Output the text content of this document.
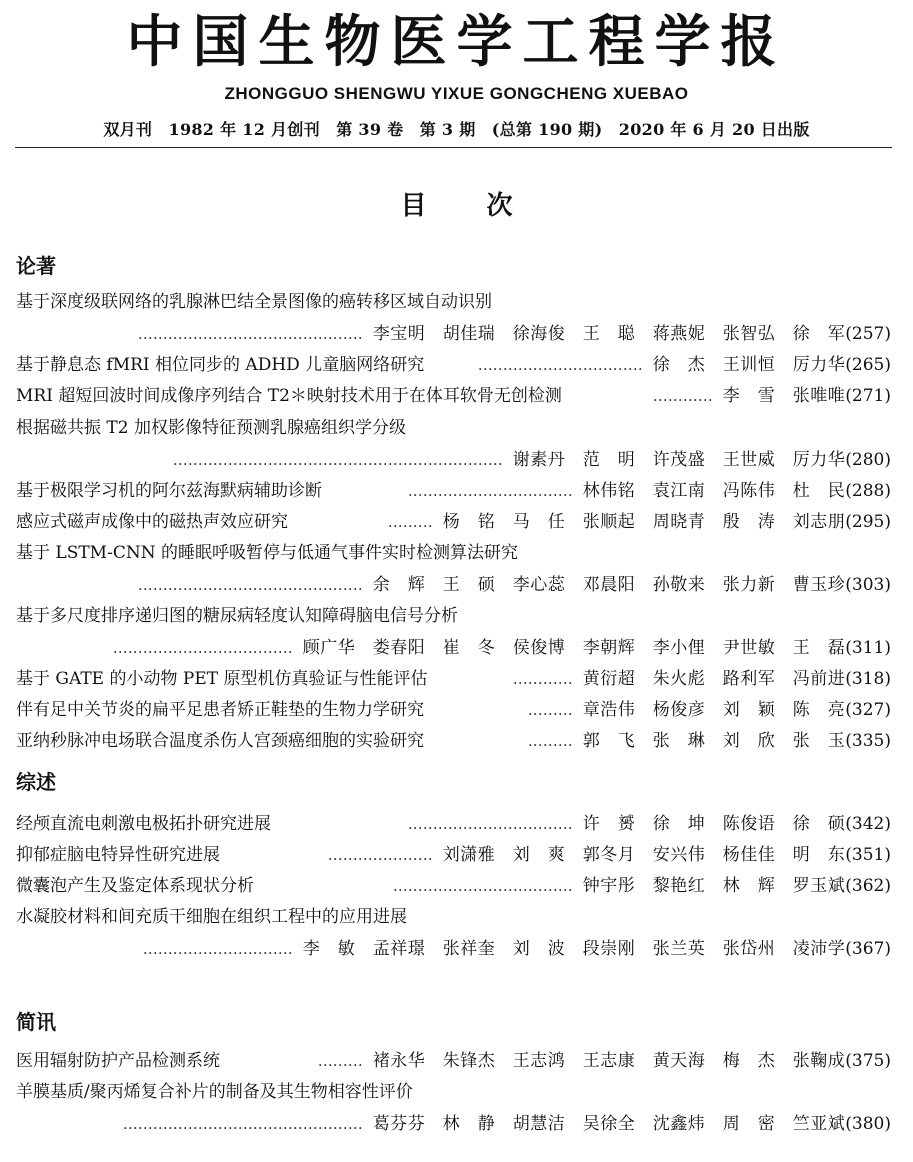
中国生物医学工程学报
ZHONGGUO SHENGWU YIXUE GONGCHENG XUEBAO
双月刊　1982 年 12 月创刊　第 39 卷　第 3 期　(总第 190 期)　2020 年 6 月 20 日出版
目次
论著
综述
简讯
基于深度级联网络的乳腺淋巴结全景图像的癌转移区域自动识别
……………………………………… 李宝明　胡佳瑞　徐海俊　王　聪　蒋燕妮　张智弘　徐　军 (257)
基于静息态 fMRI 相位同步的 ADHD 儿童脑网络研究	…………………………… 徐　杰　王训恒　厉力华 (265)
MRI 超短回波时间成像序列结合 T2＊映射技术用于在体耳软骨无创检测	………… 李　雪　张唯唯 (271)
根据磁共振 T2 加权影像特征预测乳腺癌组织学分级
………………………………………………………… 谢素丹　范　明　许茂盛　王世威　厉力华 (280)
基于极限学习机的阿尔兹海默病辅助诊断	…………………………… 林伟铭　袁江南　冯陈伟　杜　民 (288)
感应式磁声成像中的磁热声效应研究	……… 杨　铭　马　任　张顺起　周晓青　殷　涛　刘志朋 (295)
基于 LSTM-CNN 的睡眠呼吸暂停与低通气事件实时检测算法研究
……………………………………… 余　辉　王　硕　李心蕊　邓晨阳　孙敬来　张力新　曹玉珍 (303)
基于多尺度排序递归图的糖尿病轻度认知障碍脑电信号分析
……………………………… 顾广华　娄春阳　崔　冬　侯俊博　李朝辉　李小俚　尹世敏　王　磊 (311)
基于 GATE 的小动物 PET 原型机仿真验证与性能评估	………… 黄衍超　朱火彪　路利军　冯前进 (318)
伴有足中关节炎的扁平足患者矫正鞋垫的生物力学研究	……… 章浩伟　杨俊彦　刘　颖　陈　亮 (327)
亚纳秒脉冲电场联合温度杀伤人宫颈癌细胞的实验研究	……… 郭　飞　张　琳　刘　欣　张　玉 (335)
经颅直流电刺激电极拓扑研究进展	…………………………… 许　赟　徐　坤　陈俊语　徐　硕 (342)
抑郁症脑电特异性研究进展	………………… 刘潇雅　刘　爽　郭冬月　安兴伟　杨佳佳　明　东 (351)
微囊泡产生及鉴定体系现状分析	……………………………… 钟宇彤　黎艳红　林　辉　罗玉斌 (362)
水凝胶材料和间充质干细胞在组织工程中的应用进展
………………………… 李　敏　孟祥璟　张祥奎　刘　波　段崇刚　张兰英　张岱州　凌沛学 (367)
医用辐射防护产品检测系统	……… 褚永华　朱锋杰　王志鸿　王志康　黄天海　梅　杰　张鞠成 (375)
羊膜基质/聚丙烯复合补片的制备及其生物相容性评价
………………………………………… 葛芬芬　林　静　胡慧洁　吴徐全　沈鑫炜　周　密　竺亚斌 (380)
